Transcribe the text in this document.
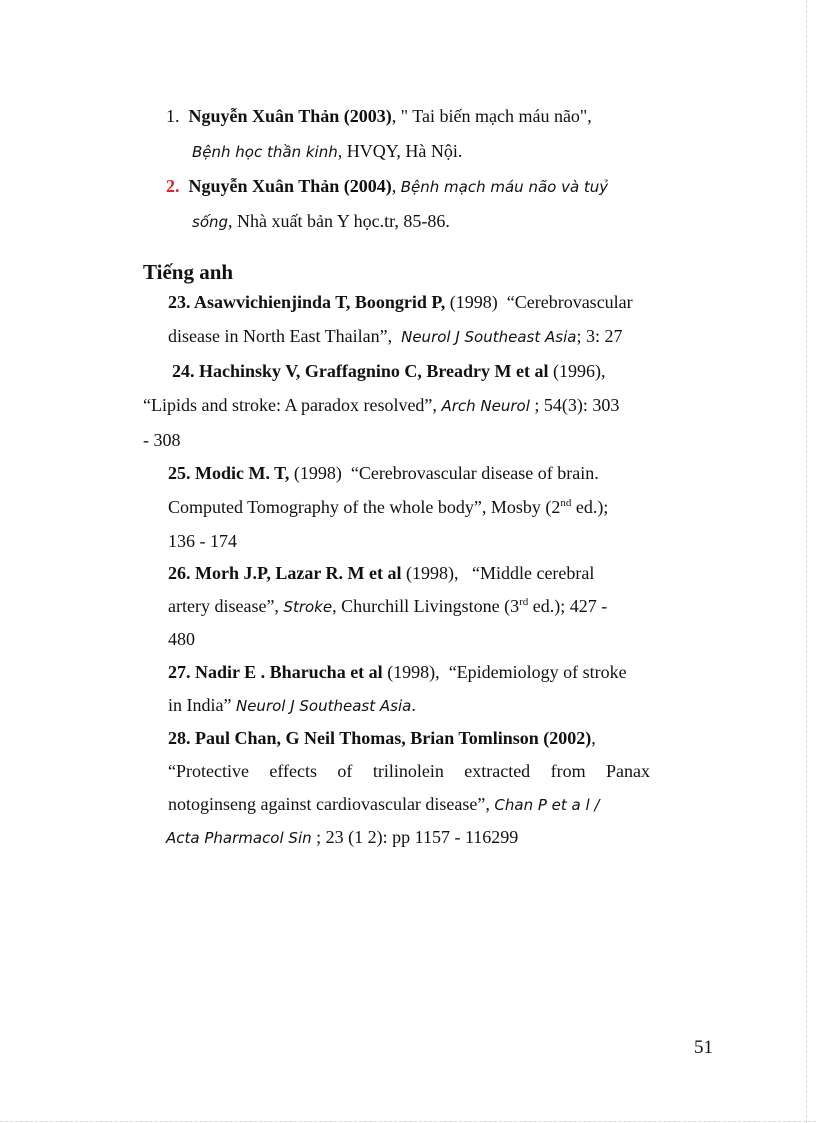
1. Nguyễn Xuân Thản (2003), " Tai biến mạch máu não",
Bệnh học thần kinh, HVQY, Hà Nội.
2. Nguyễn Xuân Thản (2004), Bệnh mạch máu não và tuỷ
sống, Nhà xuất bản Y học.tr, 85-86.
Tiếng anh
23. Asawvichienjinda T, Boongrid P, (1998) “Cerebrovascular
disease in North East Thailan”, Neurol J Southeast Asia; 3: 27
24. Hachinsky V, Graffagnino C, Breadry M et al (1996),
“Lipids and stroke: A paradox resolved”, Arch Neurol ; 54(3): 303
- 308
25. Modic M. T, (1998) “Cerebrovascular disease of brain.
Computed Tomography of the whole body”, Mosby (2nd ed.);
136 - 174
26. Morh J.P, Lazar R. M et al (1998), “Middle cerebral
artery disease”, Stroke, Churchill Livingstone (3rd ed.); 427 -
480
27. Nadir E . Bharucha et al (1998), “Epidemiology of stroke
in India” Neurol J Southeast Asia.
28. Paul Chan, G Neil Thomas, Brian Tomlinson (2002),
“Protective effects of trilinolein extracted from Panax
notoginseng against cardiovascular disease”, Chan P et a l /
Acta Pharmacol Sin ; 23 (1 2): pp 1157 - 116299
51
